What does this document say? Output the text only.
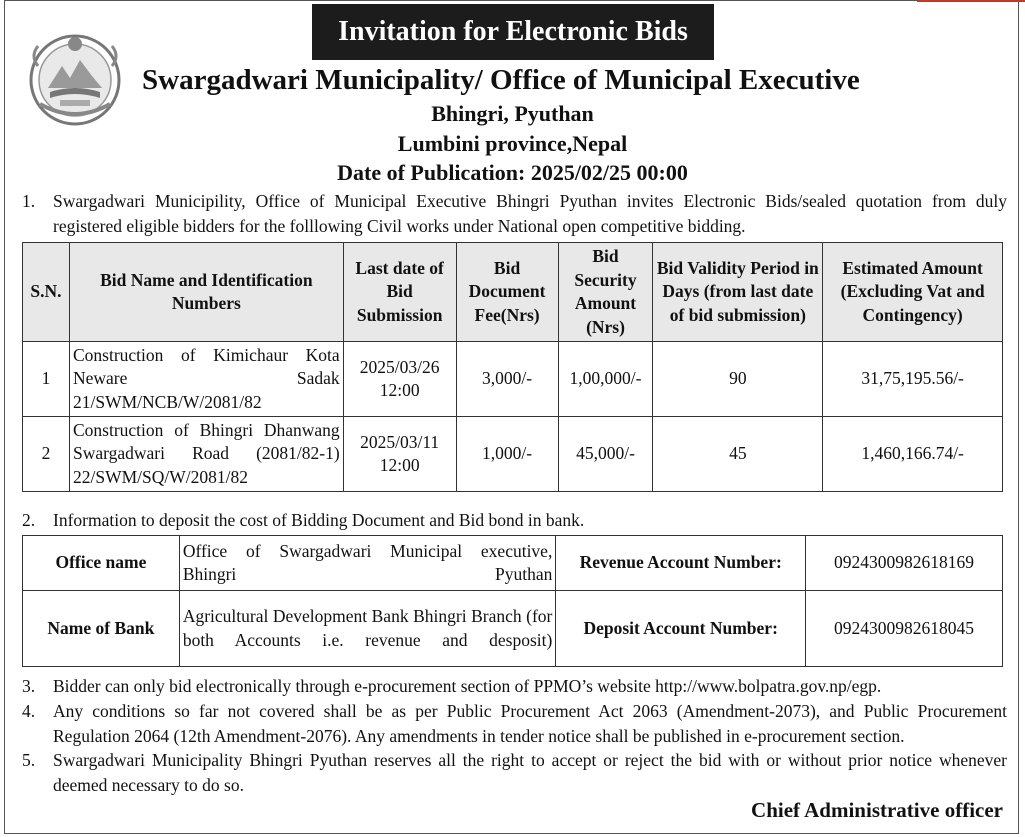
Invitation for Electronic Bids
Swargadwari Municipality/ Office of Municipal Executive
Bhingri, Pyuthan
Lumbini province,Nepal
Date of Publication: 2025/02/25 00:00
1.	Swargadwari Municipility, Office of Municipal Executive Bhingri Pyuthan invites Electronic Bids/sealed quotation from duly registered eligible bidders for the folllowing Civil works under National open competitive bidding.
S.N.	Bid Name and Identification Numbers	Last date of Bid Submission	Bid Document Fee(Nrs)	Bid Security Amount (Nrs)	Bid Validity Period in Days (from last date of bid submission)	Estimated Amount (Excluding Vat and Contingency)
1	Construction of Kimichaur Kota Neware Sadak 21/SWM/NCB/W/2081/82	2025/03/26 12:00	3,000/-	1,00,000/-	90	31,75,195.56/-
2	Construction of Bhingri Dhanwang Swargadwari Road (2081/82-1) 22/SWM/SQ/W/2081/82	2025/03/11 12:00	1,000/-	45,000/-	45	1,460,166.74/-
2.	Information to deposit the cost of Bidding Document and Bid bond in bank.
Office name	Office of Swargadwari Municipal executive, Bhingri Pyuthan	Revenue Account Number:	0924300982618169
Name of Bank	Agricultural Development Bank Bhingri Branch (for both Accounts i.e. revenue and desposit)	Deposit Account Number:	0924300982618045
3.	Bidder can only bid electronically through e-procurement section of PPMO’s website http://www.bolpatra.gov.np/egp.
4.	Any conditions so far not covered shall be as per Public Procurement Act 2063 (Amendment-2073), and Public Procurement Regulation 2064 (12th Amendment-2076). Any amendments in tender notice shall be published in e-procurement section.
5.	Swargadwari Municipality Bhingri Pyuthan reserves all the right to accept or reject the bid with or without prior notice whenever deemed necessary to do so.
Chief Administrative officer
